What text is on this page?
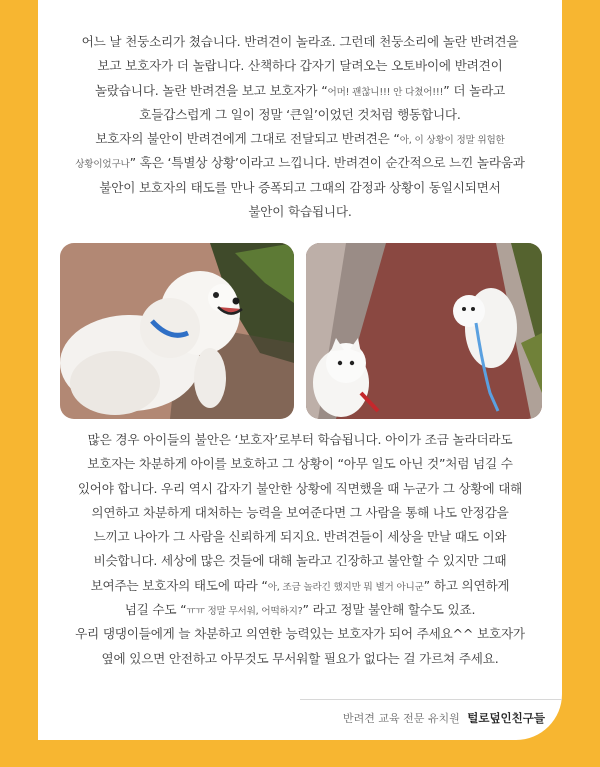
어느 날 천둥소리가 쳤습니다. 반려견이 놀라죠. 그런데 천둥소리에 놀란 반려견을
보고 보호자가 더 놀랍니다. 산책하다 갑자기 달려오는 오토바이에 반려견이
놀랐습니다. 놀란 반려견을 보고 보호자가 “어머! 괜찮니!!! 안 다쳤어!!!” 더 놀라고
호들갑스럽게 그 일이 정말 ‘큰일’이었던 것처럼 행동합니다.
보호자의 불안이 반려견에게 그대로 전달되고 반려견은 “아, 이 상황이 정말 위험한
상황이었구나” 혹은 ‘특별상 상황’이라고 느낍니다. 반려견이 순간적으로 느낀 놀라움과
불안이 보호자의 태도를 만나 증폭되고 그때의 감정과 상황이 동일시되면서
불안이 학습됩니다.
많은 경우 아이들의 불안은 ‘보호자’로부터 학습됩니다. 아이가 조금 놀라더라도
보호자는 차분하게 아이를 보호하고 그 상황이 “아무 일도 아닌 것”처럼 넘길 수
있어야 합니다. 우리 역시 갑자기 불안한 상황에 직면했을 때 누군가 그 상황에 대해
의연하고 차분하게 대처하는 능력을 보여준다면 그 사람을 통해 나도 안정감을
느끼고 나아가 그 사람을 신뢰하게 되지요. 반려견들이 세상을 만날 때도 이와
비슷합니다. 세상에 많은 것들에 대해 놀라고 긴장하고 불안할 수 있지만 그때
보여주는 보호자의 태도에 따라 “아, 조금 놀라긴 했지만 뭐 별거 아니군” 하고 의연하게
넘길 수도 “ㅠㅠ 정말 무서워, 어떡하지?” 라고 정말 불안해 할수도 있죠.
우리 댕댕이들에게 늘 차분하고 의연한 능력있는 보호자가 되어 주세요^^ 보호자가
옆에 있으면 안전하고 아무것도 무서워할 필요가 없다는 걸 가르쳐 주세요.
반려견 교육 전문 유치원 털로덮인친구들
